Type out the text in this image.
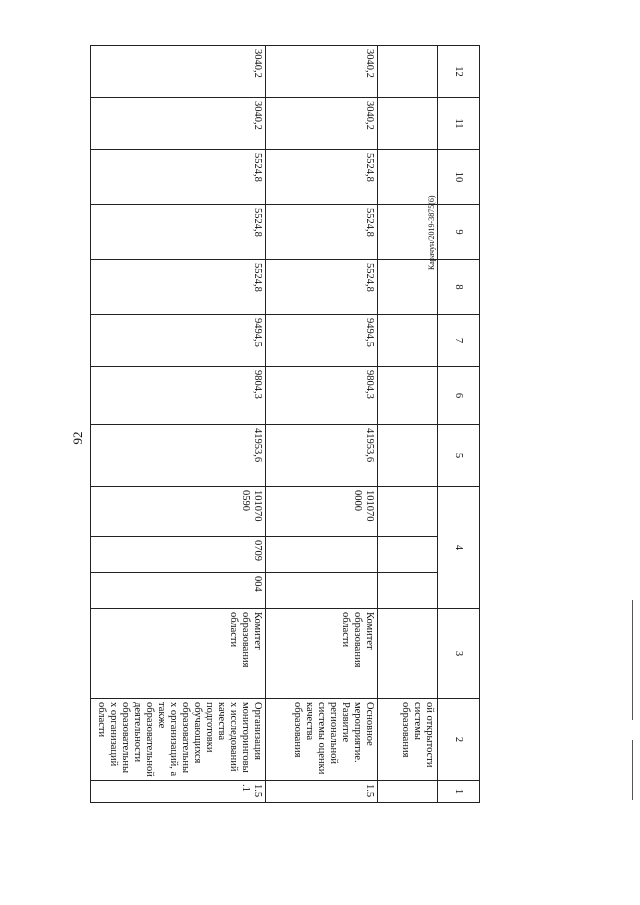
92
Карачун/2019-3875(6)
12	11	10	9	8	7	6	5	4			3	2	1
												ой открытости системы образования	
3040,2	3040,2	5524,8	5524,8	5524,8	9494,5	9804,3	41953,6	101070 0000			Комитет образования области	Основное мероприятие. Развитие региональной системы оценки качества образования	1.5
3040,2	3040,2	5524,8	5524,8	5524,8	9494,5	9804,3	41953,6	101070 0590	0709	004	Комитет образования области	Организация мониторинговых исследований качества подготовки обучающихся образовательных организаций, а также образовательной деятельности образовательных организаций области	1.5.1
